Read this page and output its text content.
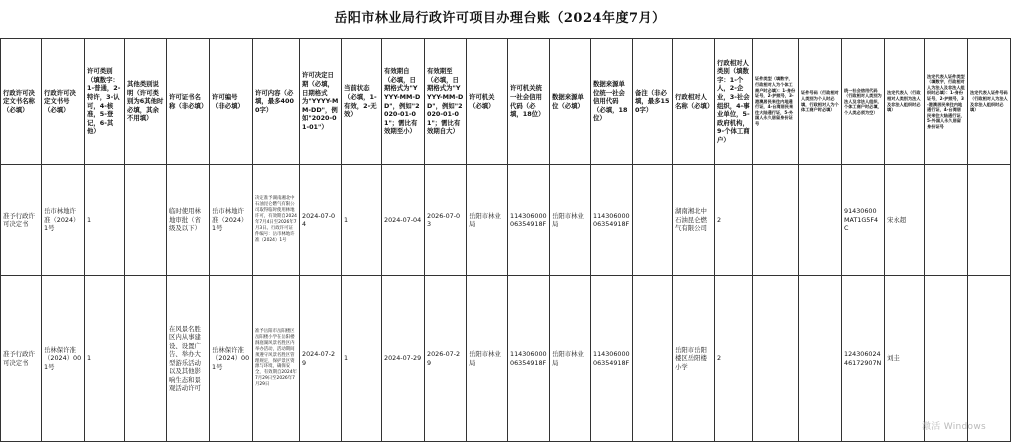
岳阳市林业局行政许可项目办理台账（2024年度7月）
行政许可决定文书名称（必填）	行政许可决定文书号（必填）	许可类别（填数字：1-普通，2-特许，3-认可，4-核准，5-登记，6-其他）	其他类别说明（许可类别为6其他时必填，其余不用填）	许可证书名称（非必填）	许可编号（非必填）	许可内容（必填，最多4000字）	许可决定日期（必填，日期格式为"YYYY-MM-DD"，例如"2020-01-01"）	当前状态（必填，1-有效，2-无效）	有效期自（必填，日期格式为"YYYY-MM-DD"，例如"2020-01-01"；需比有效期至小）	有效期至（必填，日期格式为"YYYY-MM-DD"，例如"2020-01-01"；需比有效期自大）	许可机关（必填）	许可机关统一社会信用代码（必填，18位）	数据来源单位（必填）	数据来源单位统一社会信用代码（必填，18位）	备注（非必填，最多150字）	行政相对人名称（必填）	行政相对人类别（填数字：1-个人，2-企业，3-社会组织，4-事业单位，5-政府机构，9-个体工商户）	证件类型（填数字，行政相对人为个体工商户时必填）：1-身份证号，2-护照号，3-港澳居民来往内地通行证，4-台湾居民来往大陆通行证，5-外国人永久居留身份证号	证件号码（行政相对人类别为个人时必填，行政相对人为个体工商户时必填）	统一社会信用代码（行政相对人类别为法人及非法人组织、个体工商户时必填，个人类必须为空）	法定代表人（行政相对人类别为法人及非法人组织时必填）	法定代表人证件类型（填数字，行政相对人为法人及非法人组织时必填）：1-身份证号，2-护照号，3-港澳居民来往内地通行证，4-台湾居民来往大陆通行证，5-外国人永久居留身份证号	法定代表人证件号码（行政相对人为法人及非法人组织时必填）
准予行政许可决定书	岳市林地许准（2024）1号	1		临时使用林地审批（省级及以下）	岳市林地许准（2024）1号	决定准予湖南湘北中石油昆仑燃气有限公司取得临时使用林地许可，有效期自2024年7月4日至2026年7月3日。行政许可证件编号：岳市林地许准（2024）1号	2024-07-04	1	2024-07-04	2026-07-03	岳阳市林业局	11430600006354918F	岳阳市林业局	11430600006354918F		湖南湘北中石油昆仑燃气有限公司	2			91430600MAT1G5F4C	宋永超		
准予行政许可决定书	岳林保许准（2024）001号	1		在风景名胜区内从事建设、设置广告、举办大型游乐活动以及其他影响生态和景观活动许可	岳林保许准（2024）001号	准予岳阳市岳阳楼区岳阳楼小学在岳阳楼洞庭湖风景名胜区内举办活动，活动期间须遵守风景名胜区管理规定，保护景区资源与环境，确保安全，有效期自2024年7月29日至2026年7月29日	2024-07-29	1	2024-07-29	2026-07-29	岳阳市林业局	11430600006354918F	岳阳市林业局	11430600006354918F		岳阳市岳阳楼区岳阳楼小学	2			12430602446172907N	刘圭		
激活 Windows
